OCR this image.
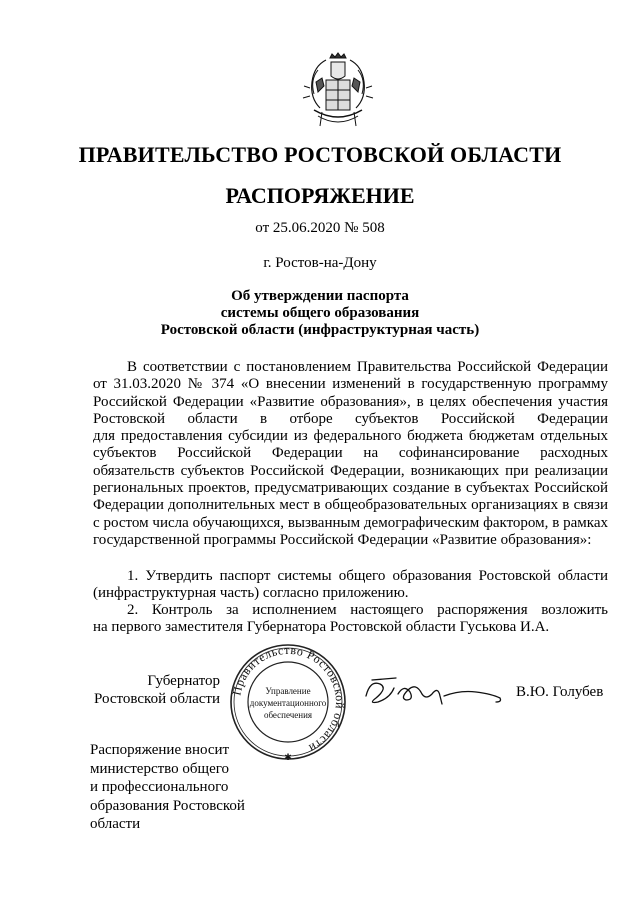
ПРАВИТЕЛЬСТВО РОСТОВСКОЙ ОБЛАСТИ
РАСПОРЯЖЕНИЕ
от 25.06.2020 № 508
г. Ростов-на-Дону
Об утверждении паспорта
системы общего образования
Ростовской области (инфраструктурная часть)
В соответствии с постановлением Правительства Российской Федерации
от 31.03.2020 № 374 «О внесении изменений в государственную программу
Российской Федерации «Развитие образования», в целях обеспечения участия
Ростовской области в отборе субъектов Российской Федерации
для предоставления субсидии из федерального бюджета бюджетам отдельных
субъектов Российской Федерации на софинансирование расходных
обязательств субъектов Российской Федерации, возникающих при реализации
региональных проектов, предусматривающих создание в субъектах Российской
Федерации дополнительных мест в общеобразовательных организациях в связи
с ростом числа обучающихся, вызванным демографическим фактором, в рамках
государственной программы Российской Федерации «Развитие образования»:
1. Утвердить паспорт системы общего образования Ростовской области
(инфраструктурная часть) согласно приложению.
2. Контроль за исполнением настоящего распоряжения возложить
на первого заместителя Губернатора Ростовской области Гуськова И.А.
Губернатор
Ростовской области
Правительство Ростовской области
✱
Управление
документационного
обеспечения
В.Ю. Голубев
Распоряжение вносит
министерство общего
и профессионального
образования Ростовской
области
